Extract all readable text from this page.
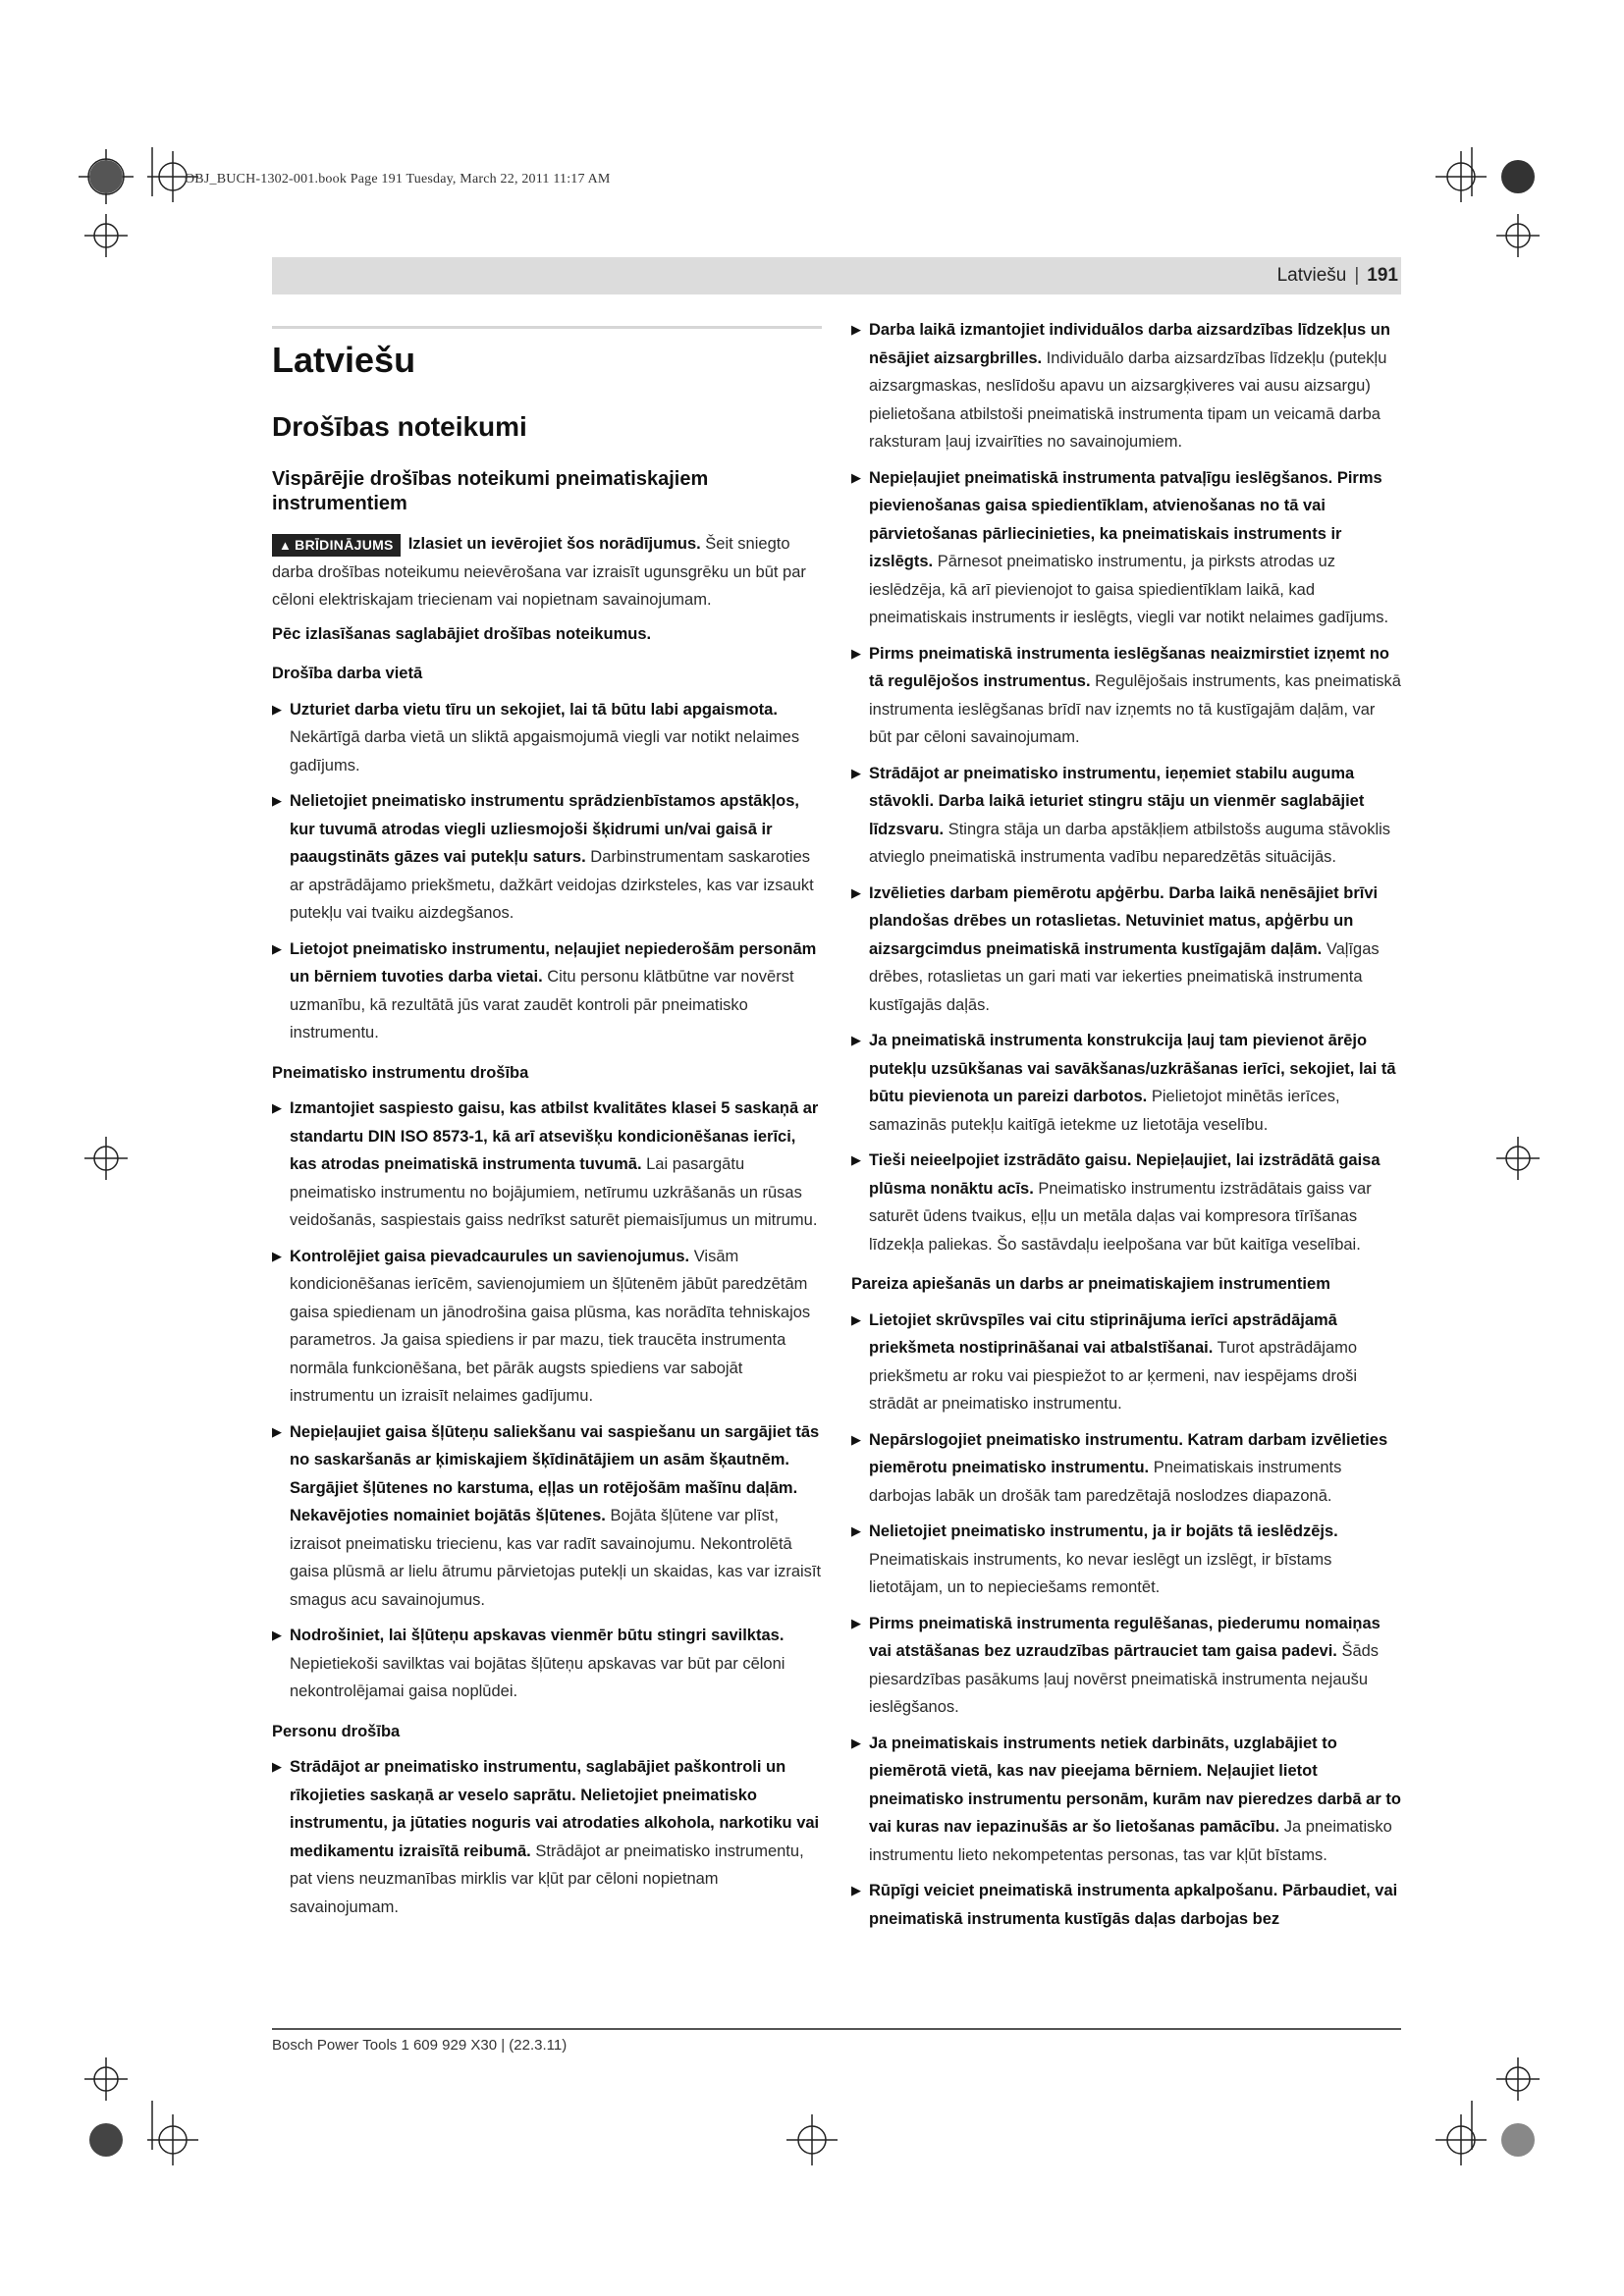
OBJ_BUCH-1302-001.book Page 191 Tuesday, March 22, 2011 11:17 AM
Latviešu | 191
Latviešu
Drošības noteikumi
Vispārējie drošības noteikumi pneimatiskajiem instrumentiem

▲ BRĪDINĀJUMS Izlasiet un ievērojiet šos norādījumus. Šeit sniegto darba drošības noteikumu neievērošana var izraisīt ugunsgrēku un būt par cēloni elektriskajam triecienam vai nopietnam savainojumam.

Pēc izlasīšanas saglabājiet drošības noteikumus.

Drošība darba vietā
▶ Uzturiet darba vietu tīru un sekojiet, lai tā būtu labi apgaismota. Nekārtīgā darba vietā un sliktā apgaismojumā viegli var notikt nelaimes gadījums.
▶ Nelietojiet pneimatisko instrumentu sprādzienbīstamos apstākļos, kur tuvumā atrodas viegli uzliesmojoši šķidrumi un/vai gaisā ir paaugstināts gāzes vai putekļu saturs. Darbinstrumentam saskaroties ar apstrādājamo priekšmetu, dažkārt veidojas dzirksteles, kas var izsaukt putekļu vai tvaiku aizdegšanos.
▶ Lietojot pneimatisko instrumentu, neļaujiet nepiederošām personām un bērniem tuvoties darba vietai. Citu personu klātbūtne var novērst uzmanību, kā rezultātā jūs varat zaudēt kontroli pār pneimatisko instrumentu.
Pneimatisko instrumentu drošība
▶ Izmantojiet saspiesto gaisu, kas atbilst kvalitātes klasei 5 saskaņā ar standartu DIN ISO 8573-1, kā arī atsevišķu kondicionēšanas ierīci, kas atrodas pneimatiskā instrumenta tuvumā. Lai pasargātu pneimatisko instrumentu no bojājumiem, netīrumu uzkrāšanās un rūsas veidošanās, saspiestais gaiss nedrīkst saturēt piemaisījumus un mitrumu.
▶ Kontrolējiet gaisa pievadcaurules un savienojumus. Visām kondicionēšanas ierīcēm, savienojumiem un šļūtenēm jābūt paredzētām gaisa spiedienam un jānodrošina gaisa plūsma, kas norādīta tehniskajos parametros. Ja gaisa spiediens ir par mazu, tiek traucēta instrumenta normāla funkcionēšana, bet pārāk augsts spiediens var sabojāt instrumentu un izraisīt nelaimes gadījumu.
▶ Nepieļaujiet gaisa šļūteņu saliekšanu vai saspiešanu un sargājiet tās no saskaršanās ar ķimiskajiem šķīdinātājiem un asām šķautnēm. Sargājiet šļūtenes no karstuma, eļļas un rotējošām mašīnu daļām. Nekavējoties nomainiet bojātās šļūtenes. Bojāta šļūtene var plīst, izraisot pneimatisku triecienu, kas var radīt savainojumu. Nekontrolētā gaisa plūsmā ar lielu ātrumu pārvietojas putekļi un skaidas, kas var izraisīt smagus acu savainojumus.
▶ Nodrošiniet, lai šļūteņu apskavas vienmēr būtu stingri savilktas. Nepietiekoši savilktas vai bojātas šļūteņu apskavas var būt par cēloni nekontrolējamai gaisa noplūdei.
Personu drošība
▶ Strādājot ar pneimatisko instrumentu, saglabājiet paškontroli un rīkojieties saskaņā ar veselo saprātu. Nelietojiet pneimatisko instrumentu, ja jūtaties noguris vai atrodaties alkohola, narkotiku vai medikamentu izraisītā reibumā. Strādājot ar pneimatisko instrumentu, pat viens neuzmanības mirklis var kļūt par cēloni nopietnam savainojumam.
▶ Darba laikā izmantojiet individuālos darba aizsardzības līdzekļus un nēsājiet aizsargbrilles. Individuālo darba aizsardzības līdzekļu (putekļu aizsargmaskas, neslīdošu apavu un aizsargķiveres vai ausu aizsargu) pielietošana atbilstoši pneimatiskā instrumenta tipam un veicamā darba raksturam ļauj izvairīties no savainojumiem.
▶ Nepieļaujiet pneimatiskā instrumenta patvaļīgu ieslēgšanos. Pirms pievienošanas gaisa spiedientīklam, atvienošanas no tā vai pārvietošanas pārliecinieties, ka pneimatiskais instruments ir izslēgts. Pārnesot pneimatisko instrumentu, ja pirksts atrodas uz ieslēdzēja, kā arī pievienojot to gaisa spiedientīklam laikā, kad pneimatiskais instruments ir ieslēgts, viegli var notikt nelaimes gadījums.
▶ Pirms pneimatiskā instrumenta ieslēgšanas neaizmirstiet izņemt no tā regulējošos instrumentus. Regulējošais instruments, kas pneimatiskā instrumenta ieslēgšanas brīdī nav izņemts no tā kustīgajām daļām, var būt par cēloni savainojumam.
▶ Strādājot ar pneimatisko instrumentu, ieņemiet stabilu auguma stāvokli. Darba laikā ieturiet stingru stāju un vienmēr saglabājiet līdzsvaru. Stingra stāja un darba apstākļiem atbilstošs auguma stāvoklis atvieglo pneimatiskā instrumenta vadību neparedzētās situācijās.
▶ Izvēlieties darbam piemērotu apģērbu. Darba laikā nenēsājiet brīvi plandošas drēbes un rotaslietas. Netuviniet matus, apģērbu un aizsargcimdus pneimatiskā instrumenta kustīgajām daļām. Vaļīgas drēbes, rotaslietas un gari mati var iekerties pneimatiskā instrumenta kustīgajās daļās.
▶ Ja pneimatiskā instrumenta konstrukcija ļauj tam pievienot ārējo putekļu uzsūkšanas vai savākšanas/uzkrāšanas ierīci, sekojiet, lai tā būtu pievienota un pareizi darbotos. Pielietojot minētās ierīces, samazinās putekļu kaitīgā ietekme uz lietotāja veselību.
▶ Tieši neieelpojiet izstrādāto gaisu. Nepieļaujiet, lai izstrādātā gaisa plūsma nonāktu acīs. Pneimatisko instrumentu izstrādātais gaiss var saturēt ūdens tvaikus, eļļu un metāla daļas vai kompresora tīrīšanas līdzekļa paliekas. Šo sastāvdaļu ieelpošana var būt kaitīga veselībai.
Pareiza apiešanās un darbs ar pneimatiskajiem instrumentiem
▶ Lietojiet skrūvspīles vai citu stiprinājuma ierīci apstrādājamā priekšmeta nostiprināšanai vai atbalstīšanai. Turot apstrādājamo priekšmetu ar roku vai piespiežot to ar ķermeni, nav iespējams droši strādāt ar pneimatisko instrumentu.
▶ Nepārslogojiet pneimatisko instrumentu. Katram darbam izvēlieties piemērotu pneimatisko instrumentu. Pneimatiskais instruments darbojas labāk un drošāk tam paredzētajā noslodzes diapazonā.
▶ Nelietojiet pneimatisko instrumentu, ja ir bojāts tā ieslēdzējs. Pneimatiskais instruments, ko nevar ieslēgt un izslēgt, ir bīstams lietotājam, un to nepieciešams remontēt.
▶ Pirms pneimatiskā instrumenta regulēšanas, piederumu nomaiņas vai atstāšanas bez uzraudzības pārtrauciet tam gaisa padevi. Šāds piesardzības pasākums ļauj novērst pneimatiskā instrumenta nejaušu ieslēgšanos.
▶ Ja pneimatiskais instruments netiek darbināts, uzglabājiet to piemērotā vietā, kas nav pieejama bērniem. Neļaujiet lietot pneimatisko instrumentu personām, kurām nav pieredzes darbā ar to vai kuras nav iepazinušās ar šo lietošanas pamācību. Ja pneimatisko instrumentu lieto nekompetentas personas, tas var kļūt bīstams.
▶ Rūpīgi veiciet pneimatiskā instrumenta apkalpošanu. Pārbaudiet, vai pneimatiskā instrumenta kustīgās daļas darbojas bez
Bosch Power Tools 1 609 929 X30 | (22.3.11)
